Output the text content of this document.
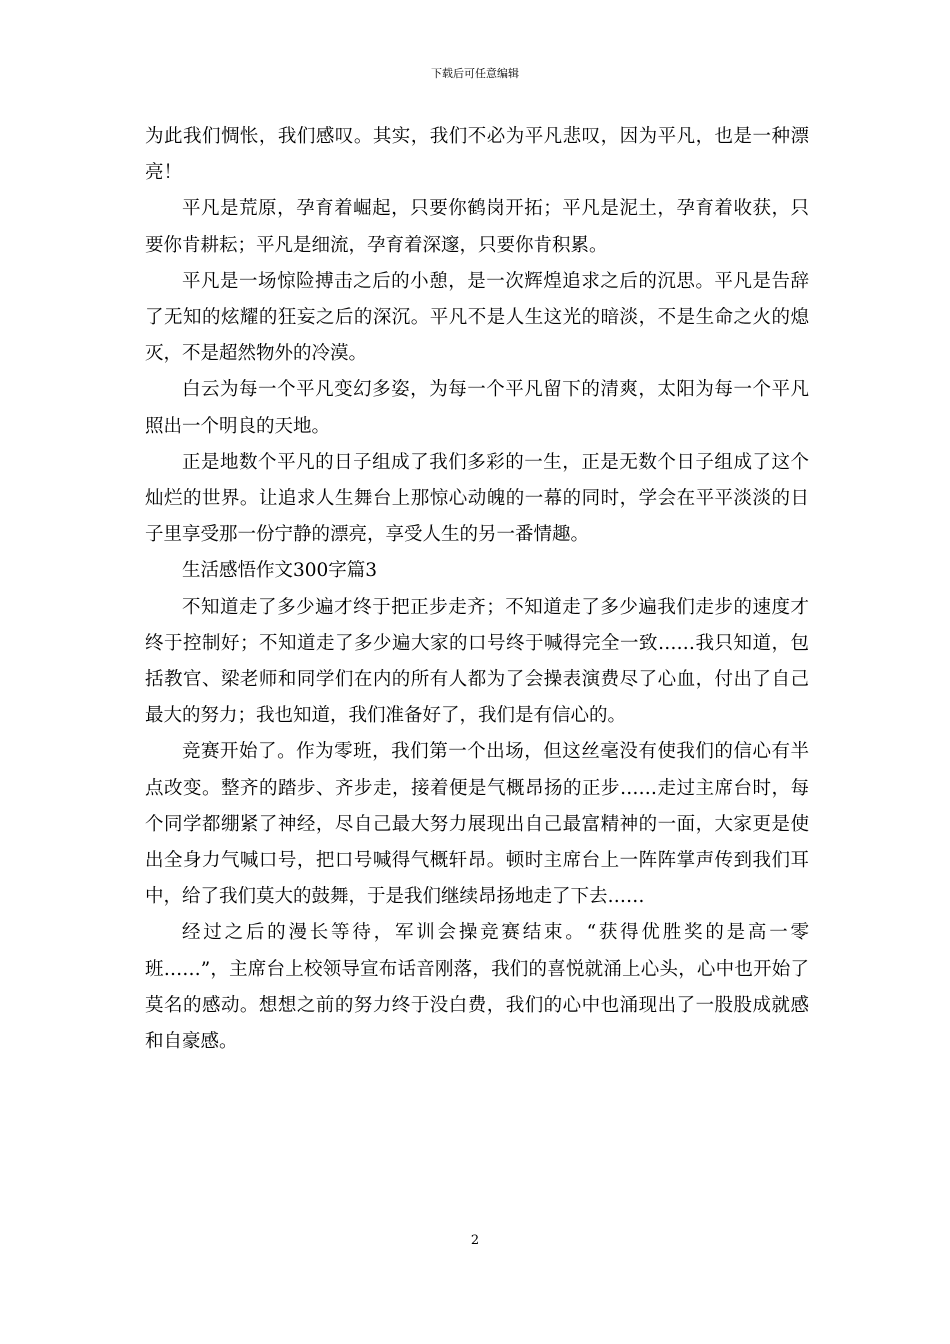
下载后可任意编辑

为此我们惆怅，我们感叹。其实，我们不必为平凡悲叹，因为平凡，也是一种漂亮！

平凡是荒原，孕育着崛起，只要你鹤岗开拓；平凡是泥土，孕育着收获，只要你肯耕耘；平凡是细流，孕育着深邃，只要你肯积累。

平凡是一场惊险搏击之后的小憩，是一次辉煌追求之后的沉思。平凡是告辞了无知的炫耀的狂妄之后的深沉。平凡不是人生这光的暗淡，不是生命之火的熄灭，不是超然物外的冷漠。

白云为每一个平凡变幻多姿，为每一个平凡留下的清爽，太阳为每一个平凡照出一个明良的天地。

正是地数个平凡的日子组成了我们多彩的一生，正是无数个日子组成了这个灿烂的世界。让追求人生舞台上那惊心动魄的一幕的同时，学会在平平淡淡的日子里享受那一份宁静的漂亮，享受人生的另一番情趣。

生活感悟作文300字篇3

不知道走了多少遍才终于把正步走齐；不知道走了多少遍我们走步的速度才终于控制好；不知道走了多少遍大家的口号终于喊得完全一致……我只知道，包括教官、梁老师和同学们在内的所有人都为了会操表演费尽了心血，付出了自己最大的努力；我也知道，我们准备好了，我们是有信心的。

竞赛开始了。作为零班，我们第一个出场，但这丝毫没有使我们的信心有半点改变。整齐的踏步、齐步走，接着便是气概昂扬的正步……走过主席台时，每个同学都绷紧了神经，尽自己最大努力展现出自己最富精神的一面，大家更是使出全身力气喊口号，把口号喊得气概轩昂。顿时主席台上一阵阵掌声传到我们耳中，给了我们莫大的鼓舞，于是我们继续昂扬地走了下去……

经过之后的漫长等待，军训会操竞赛结束。“获得优胜奖的是高一零班……”，主席台上校领导宣布话音刚落，我们的喜悦就涌上心头，心中也开始了莫名的感动。想想之前的努力终于没白费，我们的心中也涌现出了一股股成就感和自豪感。

2
